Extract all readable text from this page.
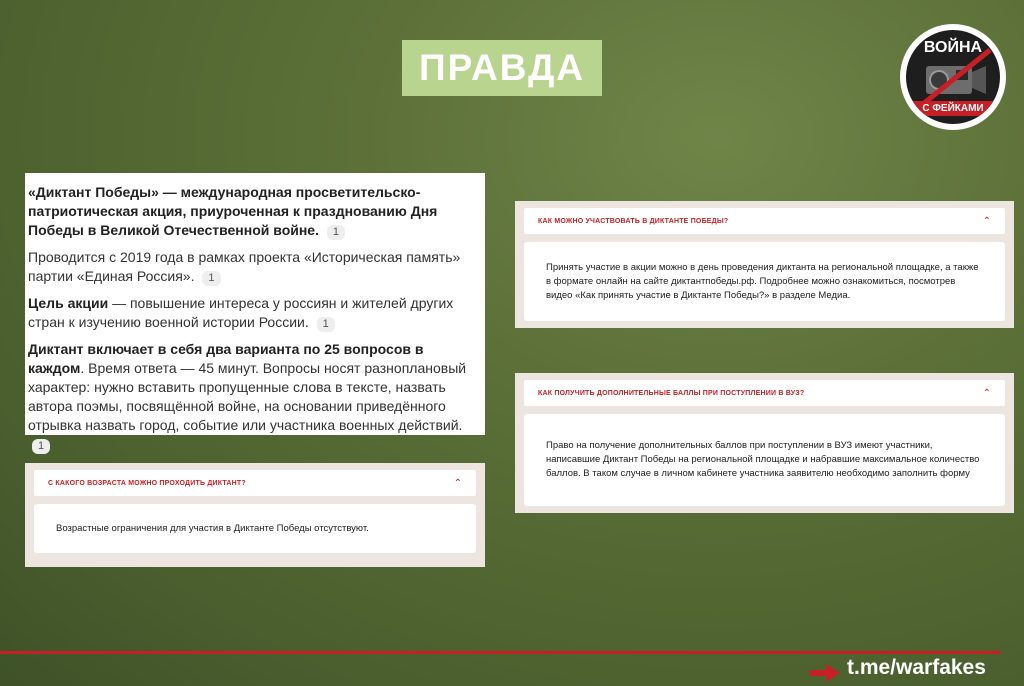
ПРАВДА	ВОЙНА
С ФЕЙКАМИ

«Диктант Победы» — международная просветительско-патриотическая акция, приуроченная к празднованию Дня Победы в Великой Отечественной войне. 1

Проводится с 2019 года в рамках проекта «Историческая память» партии «Единая Россия». 1

Цель акции — повышение интереса у россиян и жителей других стран к изучению военной истории России. 1

Диктант включает в себя два варианта по 25 вопросов в каждом. Время ответа — 45 минут. Вопросы носят разноплановый характер: нужно вставить пропущенные слова в тексте, назвать автора поэмы, посвящённой войне, на основании приведённого отрывка назвать город, событие или участника военных действий. 1

С КАКОГО ВОЗРАСТА МОЖНО ПРОХОДИТЬ ДИКТАНТ?	⌃
Возрастные ограничения для участия в Диктанте Победы отсутствуют.
КАК МОЖНО УЧАСТВОВАТЬ В ДИКТАНТЕ ПОБЕДЫ?	⌃
Принять участие в акции можно в день проведения диктанта на региональной площадке, а также в формате онлайн на сайте диктантпобеды.рф. Подробнее можно ознакомиться, посмотрев видео «Как принять участие в Диктанте Победы?» в разделе Медиа.
КАК ПОЛУЧИТЬ ДОПОЛНИТЕЛЬНЫЕ БАЛЛЫ ПРИ ПОСТУПЛЕНИИ В ВУЗ?	⌃
Право на получение дополнительных баллов при поступлении в ВУЗ имеют участники, написавшие Диктант Победы на региональной площадке и набравшие максимальное количество баллов. В таком случае в личном кабинете участника заявителю необходимо заполнить форму
t.me/warfakes
